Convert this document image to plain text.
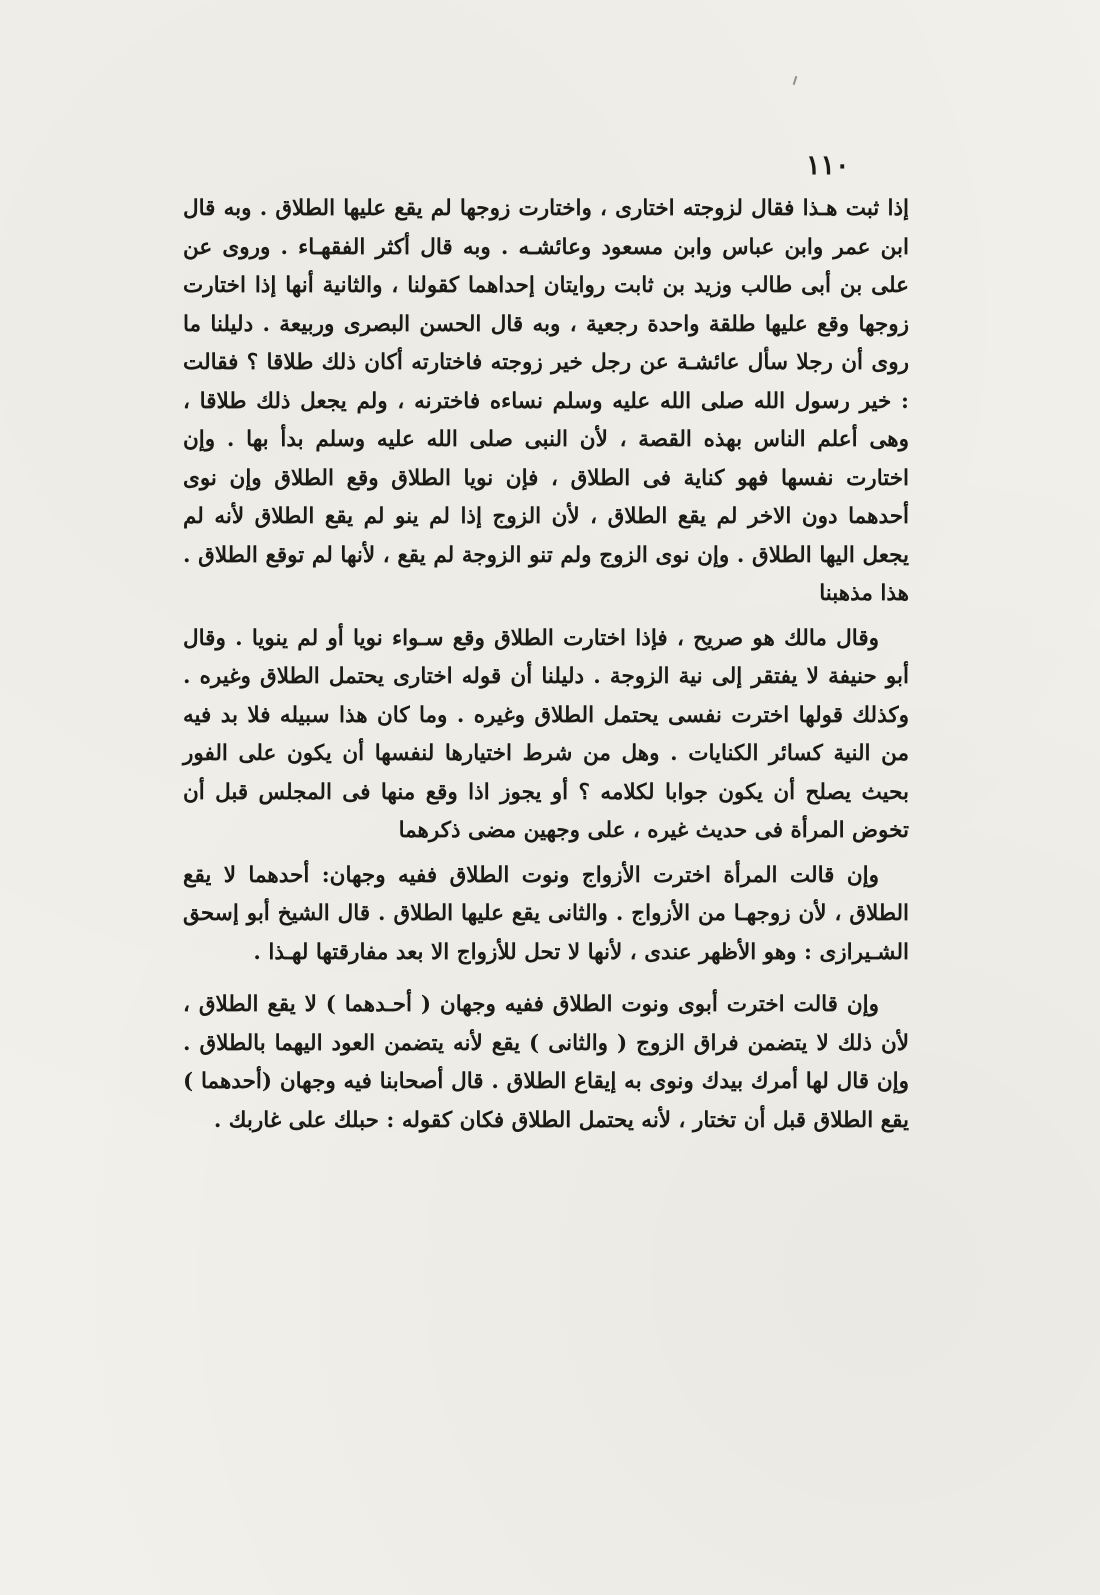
١١٠

إذا ثبت هـذا فقال لزوجته اختارى ، واختارت زوجها لم يقع عليها الطلاق . وبه قال ابن عمر وابن عباس وابن مسعود وعائشـه . وبه قال أكثر الفقهـاء . وروى عن على بن أبى طالب وزيد بن ثابت روايتان إحداهما كقولنا ، والثانية أنها إذا اختارت زوجها وقع عليها طلقة واحدة رجعية ، وبه قال الحسن البصرى وربيعة . دليلنا ما روى أن رجلا سأل عائشـة عن رجل خير زوجته فاختارته أكان ذلك طلاقا ؟ فقالت : خير رسول الله صلى الله عليه وسلم نساءه فاخترنه ، ولم يجعل ذلك طلاقا ، وهى أعلم الناس بهذه القصة ، لأن النبى صلى الله عليه وسلم بدأ بها . وإن اختارت نفسها فهو كناية فى الطلاق ، فإن نويا الطلاق وقع الطلاق وإن نوى أحدهما دون الاخر لم يقع الطلاق ، لأن الزوج إذا لم ينو لم يقع الطلاق لأنه لم يجعل اليها الطلاق . وإن نوى الزوج ولم تنو الزوجة لم يقع ، لأنها لم توقع الطلاق . هذا مذهبنا

وقال مالك هو صريح ، فإذا اختارت الطلاق وقع سـواء نويا أو لم ينويا . وقال أبو حنيفة لا يفتقر إلى نية الزوجة . دليلنا أن قوله اختارى يحتمل الطلاق وغيره . وكذلك قولها اخترت نفسى يحتمل الطلاق وغيره . وما كان هذا سبيله فلا بد فيه من النية كسائر الكنايات . وهل من شرط اختيارها لنفسها أن يكون على الفور بحيث يصلح أن يكون جوابا لكلامه ؟ أو يجوز اذا وقع منها فى المجلس قبل أن تخوض المرأة فى حديث غيره ، على وجهين مضى ذكرهما

وإن قالت المرأة اخترت الأزواج ونوت الطلاق ففيه وجهان: أحدهما لا يقع الطلاق ، لأن زوجهـا من الأزواج . والثانى يقع عليها الطلاق . قال الشيخ أبو إسحق الشـيرازى : وهو الأظهر عندى ، لأنها لا تحل للأزواج الا بعد مفارقتها لهـذا .

وإن قالت اخترت أبوى ونوت الطلاق ففيه وجهان ( أحـدهما ) لا يقع الطلاق ، لأن ذلك لا يتضمن فراق الزوج ( والثانى ) يقع لأنه يتضمن العود اليهما بالطلاق . وإن قال لها أمرك بيدك ونوى به إيقاع الطلاق . قال أصحابنا فيه وجهان (أحدهما ) يقع الطلاق قبل أن تختار ، لأنه يحتمل الطلاق فكان كقوله : حبلك على غاربك .
